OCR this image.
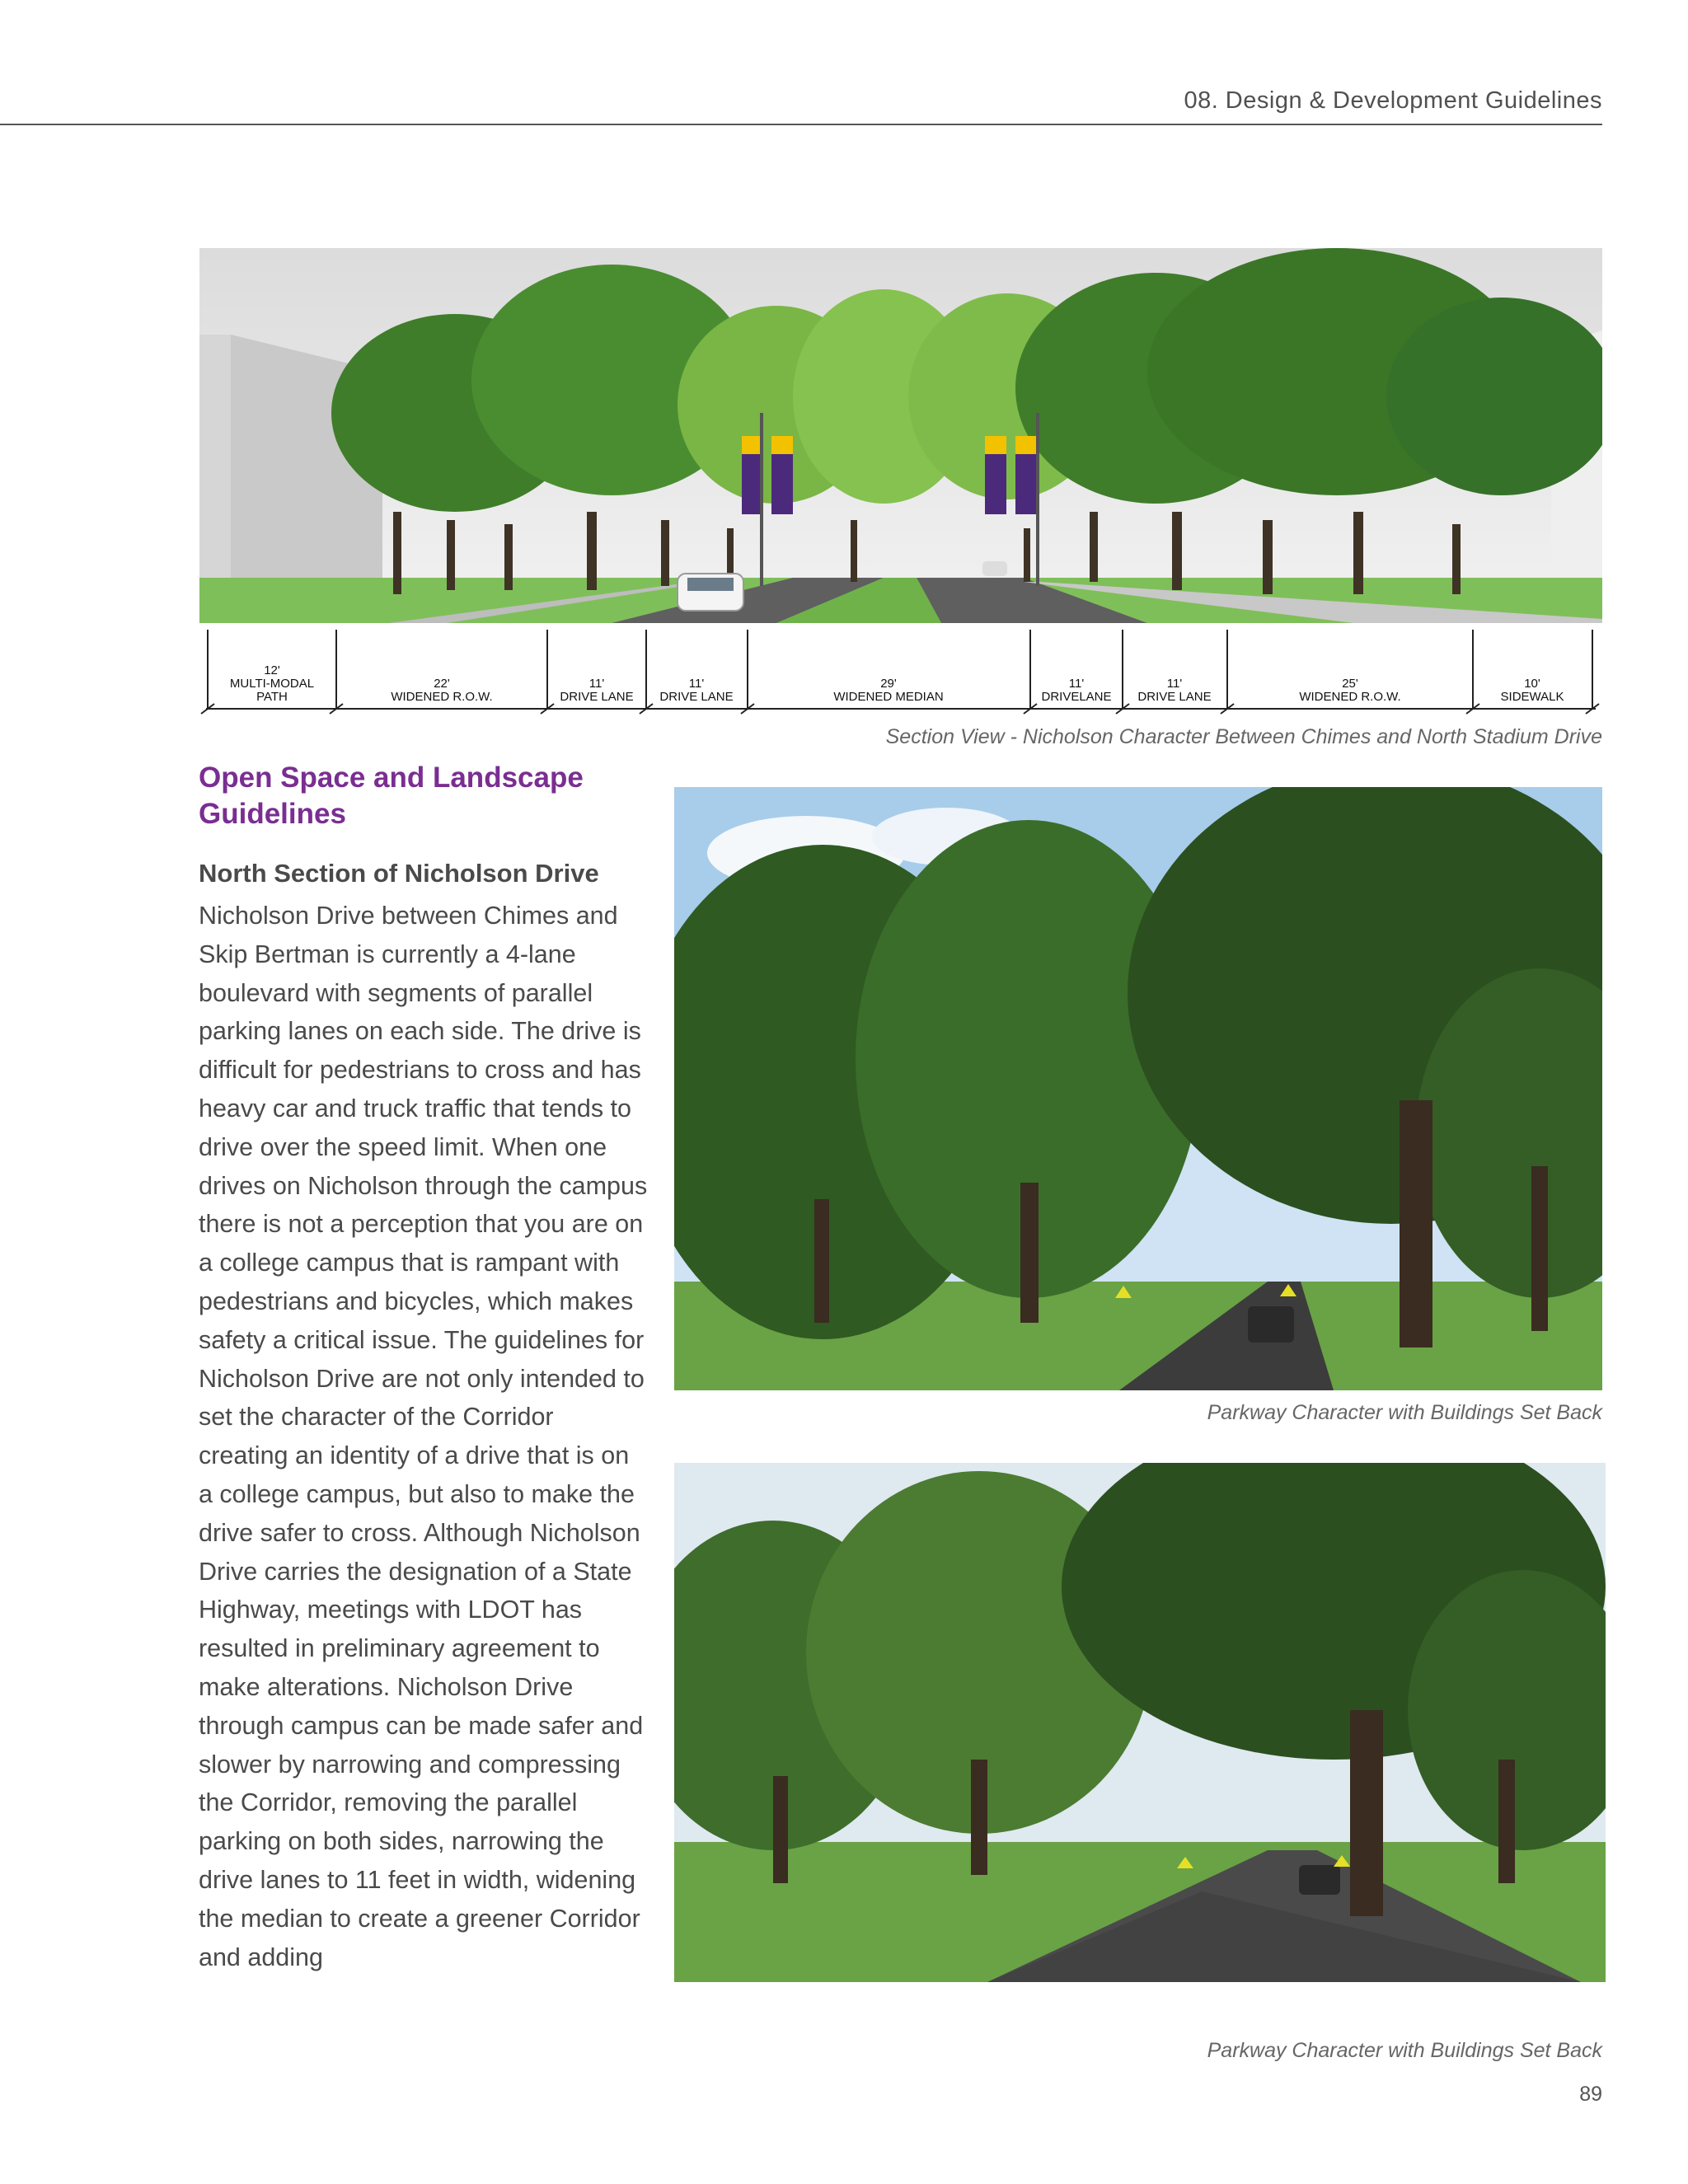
08. Design & Development Guidelines
12'
MULTI-MODAL
PATH
22'
WIDENED R.O.W.
11'
DRIVE LANE
11'
DRIVE LANE
29'
WIDENED MEDIAN
11'
DRIVELANE
11'
DRIVE LANE
25'
WIDENED R.O.W.
10'
SIDEWALK
Section View - Nicholson Character Between Chimes and North Stadium Drive
Open Space and Landscape Guidelines
North Section of Nicholson Drive
Nicholson Drive between Chimes and Skip Bertman is currently a 4-lane boulevard with segments of parallel parking lanes on each side. The drive is difficult for pedestrians to cross and has heavy car and truck traffic that tends to drive over the speed limit. When one drives on Nicholson through the campus there is not a perception that you are on a college campus that is rampant with pedestrians and bicycles, which makes safety a critical issue. The guidelines for Nicholson Drive are not only intended to set the character of the Corridor creating an identity of a drive that is on a college campus, but also to make the drive safer to cross. Although Nicholson Drive carries the designation of a State Highway, meetings with LDOT has resulted in preliminary agreement to make alterations. Nicholson Drive through campus can be made safer and slower by narrowing and compressing the Corridor, removing the parallel parking on both sides, narrowing the drive lanes to 11 feet in width, widening the median to create a greener Corridor and adding
Parkway Character with Buildings Set Back
Parkway Character with Buildings Set Back
89
